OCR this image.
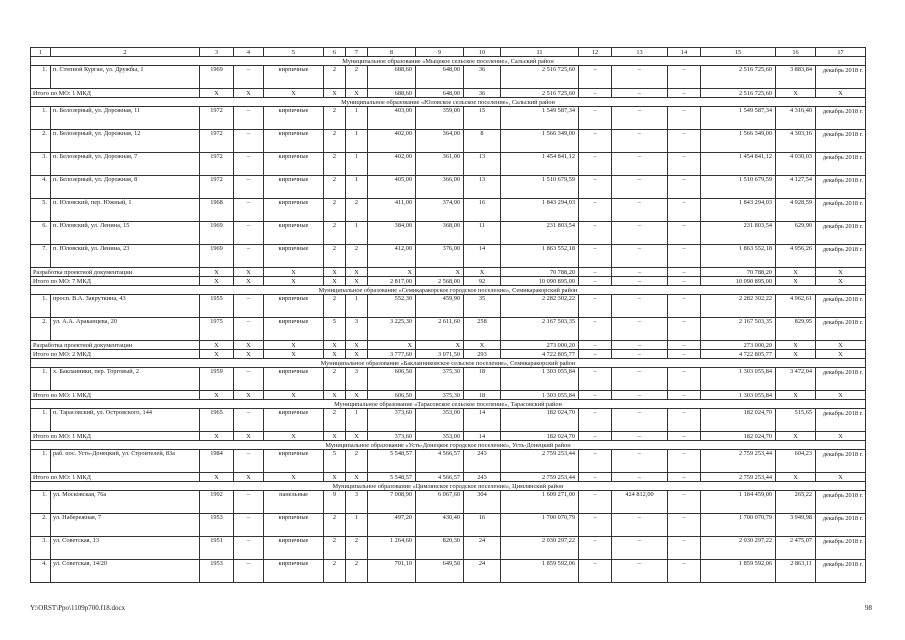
1	2	3	4	5	6	7	8	9	10	11	12	13	14	15	16	17
Муниципальное образование «Мыцекое сельское поселение», Сальский район																
1.	п. Степной Курган, ул. Дружбы, 1	1969	–	кирпичные	2	2	688,60	648,00	36	2 516 725,60	–	–	–	2 516 725,60	3 883,84	декабрь 2018 г.

Итого по МО: 1 МКД		X	X	X	X	X	688,60	648,00	36	2 516 725,60	–	–	–	2 516 725,60	X	X
Муниципальное образование «Юловское сельское поселение», Сальский район																
1.	п. Белозерный, ул. Дорожная, 11	1972	–	кирпичные	2	1	403,00	359,00	15	1 549 587,34	–	–	–	1 549 587,34	4 316,40	декабрь 2018 г.

2.	п. Белозерный, ул. Дорожная, 12	1972	–	кирпичные	2	1	402,00	364,00	8	1 566 349,00	–	–	–	1 566 349,00	4 303,16	декабрь 2018 г.

3.	п. Белозерный, ул. Дорожная, 7	1972	–	кирпичные	2	1	402,00	361,00	13	1 454 841,12	–	–	–	1 454 841,12	4 030,03	декабрь 2018 г.

4.	п. Белозерный, ул. Дорожная, 8	1972	–	кирпичные	2	1	405,00	366,00	13	1 510 679,59	–	–	–	1 510 679,59	4 127,54	декабрь 2018 г.

5.	п. Юловский, пер. Южный, 1	1968	–	кирпичные	2	2	411,00	374,00	16	1 843 294,03	–	–	–	1 843 294,03	4 928,59	декабрь 2018 г.

6.	п. Юловский, ул. Ленина, 15	1969	–	кирпичные	2	1	384,00	368,00	11	231 803,54	–	–	–	231 803,54	629,90	декабрь 2018 г.

7.	п. Юловский, ул. Ленина, 23	1969	–	кирпичные	2	2	412,00	376,00	14	1 863 552,18	–	–	–	1 863 552,18	4 956,26	декабрь 2018 г.

Разработка проектной документации		X	X	X	X	X	X	X	X	70 788,20	–	–	–	70 788,20	X	X
Итого по МО: 7 МКД		X	X	X	X	X	2 817,00	2 568,00	92	10 090 895,00	–	–	–	10 090 895,00	X	X
Муниципальное образование «Семикаракорское городское поселение», Семикаракорский район																
1.	просп. В.А. Закруткина, 43	1955	–	кирпичные	2	1	552,30	459,90	35	2 282 302,22	–	–	–	2 282 302,22	4 962,61	декабрь 2018 г.

2.	ул. А.А. Араканцева, 20	1975	–	кирпичные	5	3	3 225,30	2 611,60	258	2 167 503,35	–	–	–	2 167 503,35	829,95	декабрь 2018 г.

Разработка проектной документации		X	X	X	X	X	X	X	X	273 000,20	–	–	–	273 000,20	X	X
Итого по МО: 2 МКД		X	X	X	X	X	3 777,60	3 071,50	293	4 722 805,77	–	–	–	4 722 805,77	X	X
Муниципальное образование «Бакланниковское сельское поселение», Семикаракорский район																
1.	х. Бакланники, пер. Торговый, 2	1959	–	кирпичные	2	3	606,50	375,30	18	1 303 055,84	–	–	–	1 303 055,84	3 472,04	декабрь 2018 г.

Итого по МО: 1 МКД		X	X	X	X	X	606,50	375,30	18	1 303 055,84	–	–	–	1 303 055,84	X	X
Муниципальное образование «Тарасовское сельское поселение», Тарасовский район																
1.	п. Тарасовский, ул. Островского, 144	1965	–	кирпичные	2	1	373,60	353,00	14	182 024,70	–	–	–	182 024,70	515,65	декабрь 2018 г.

Итого по МО: 1 МКД		X	X	X	X	X	373,60	353,00	14	182 024,70	–	–	–	182 024,70	X	X
Муниципальное образование «Усть-Донецкое городское поселение», Усть-Донецкий район																
1.	раб. пос. Усть-Донецкий, ул. Строителей, 83а	1984	–	кирпичные	5	2	5 548,57	4 566,57	243	2 759 253,44	–	–	–	2 759 253,44	604,23	декабрь 2018 г.

Итого по МО: 1 МКД		X	X	X	X	X	5 548,57	4 566,57	243	2 759 253,44	–	–	–	2 759 253,44	X	X
Муниципальное образование «Цимлянское городское поселение», Цимлянский район																
1.	ул. Московская, 76а	1992	–	панельные	9	3	7 008,90	6 067,60	304	1 609 271,00	–	424 812,00	–	1 184 459,00	265,22	декабрь 2018 г.

2.	ул. Набережная, 7	1953	–	кирпичные	2	1	497,20	430,40	16	1 700 070,79	–	–	–	1 700 070,79	3 949,98	декабрь 2018 г.

3.	ул. Советская, 13	1951	–	кирпичные	2	2	1 264,60	820,30	24	2 030 297,22	–	–	–	2 030 297,22	2 475,07	декабрь 2018 г.

4.	ул. Советская, 14/20	1953	–	кирпичные	2	2	701,10	649,50	24	1 859 592,06	–	–	–	1 859 592,06	2 863,11	декабрь 2018 г.
Y:\ORST\Ppo\1109p700.f18.docx	98
